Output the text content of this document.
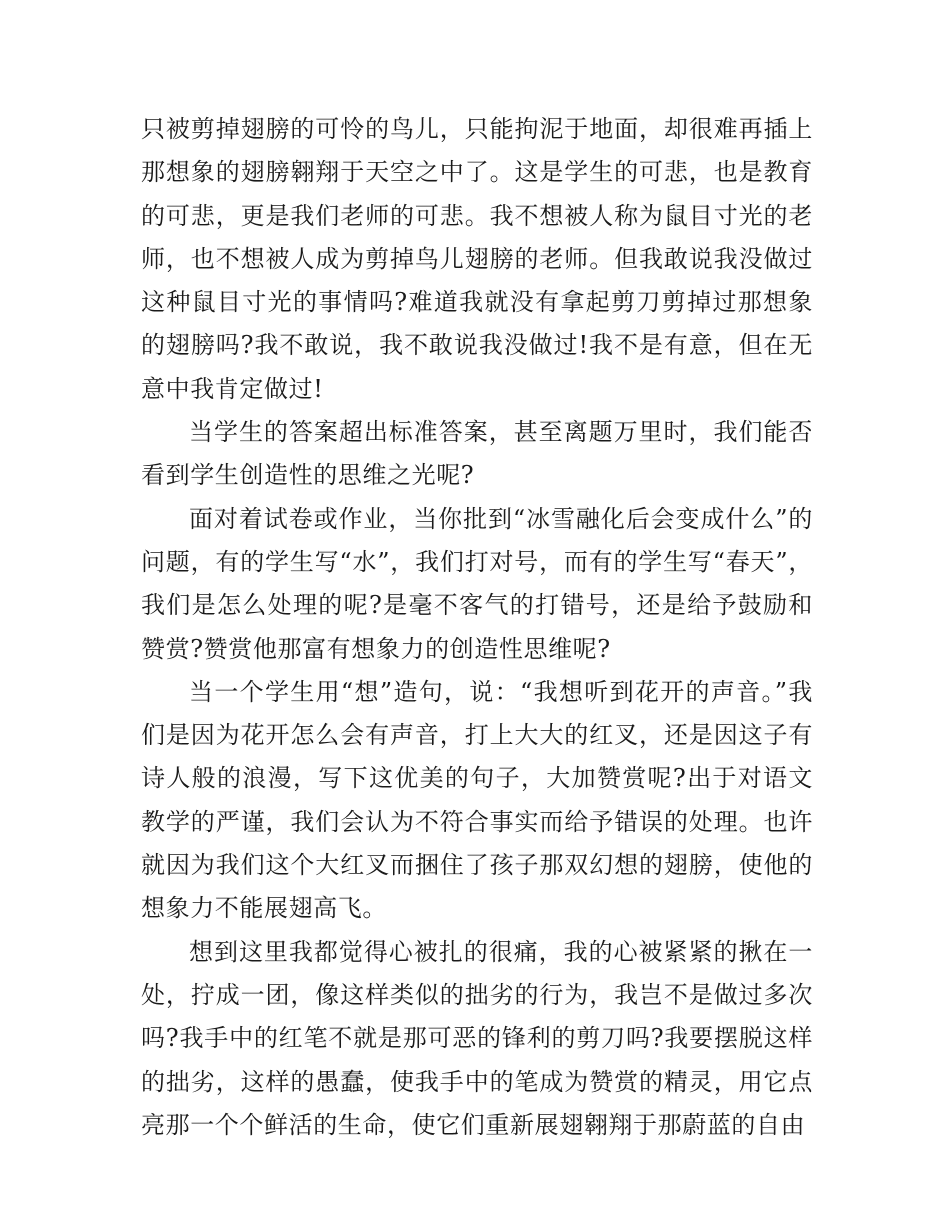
只被剪掉翅膀的可怜的鸟儿，只能拘泥于地面，却很难再插上那想象的翅膀翱翔于天空之中了。这是学生的可悲，也是教育的可悲，更是我们老师的可悲。我不想被人称为鼠目寸光的老师，也不想被人成为剪掉鸟儿翅膀的老师。但我敢说我没做过这种鼠目寸光的事情吗?难道我就没有拿起剪刀剪掉过那想象的翅膀吗?我不敢说，我不敢说我没做过!我不是有意，但在无意中我肯定做过!

当学生的答案超出标准答案，甚至离题万里时，我们能否看到学生创造性的思维之光呢?

面对着试卷或作业，当你批到“冰雪融化后会变成什么”的问题，有的学生写“水”，我们打对号，而有的学生写“春天”，我们是怎么处理的呢?是毫不客气的打错号，还是给予鼓励和赞赏?赞赏他那富有想象力的创造性思维呢?

当一个学生用“想”造句，说：“我想听到花开的声音。”我们是因为花开怎么会有声音，打上大大的红叉，还是因这子有诗人般的浪漫，写下这优美的句子，大加赞赏呢?出于对语文教学的严谨，我们会认为不符合事实而给予错误的处理。也许就因为我们这个大红叉而捆住了孩子那双幻想的翅膀，使他的想象力不能展翅高飞。

想到这里我都觉得心被扎的很痛，我的心被紧紧的揪在一处，拧成一团，像这样类似的拙劣的行为，我岂不是做过多次吗?我手中的红笔不就是那可恶的锋利的剪刀吗?我要摆脱这样的拙劣，这样的愚蠢，使我手中的笔成为赞赏的精灵，用它点亮那一个个鲜活的生命，使它们重新展翅翱翔于那蔚蓝的自由
